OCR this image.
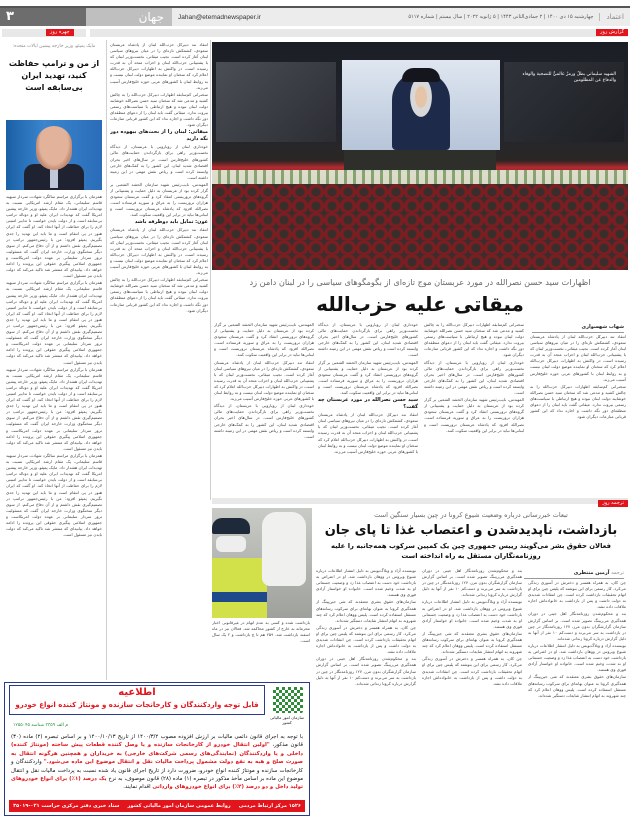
۳	جهان	Jahan@etemadnewspaper.ir	چهارشنبه ۱۵ دی ۱۴۰۰ | ۲ جمادی‌الثانی ۱۴۴۳ | ۵ ژانویه ۲۰۲۲ | سال بیستم | شماره ۵۱۱۷	اعتماد
گزارش روز
چهره روز
مایک پمپئو، وزیر خارجه پیشین ایالات متحده:
از من و ترامپ حفاظت کنید، تهدید ایران بی‌سابقه است

همزمان با برگزاری مراسم سالگرد شهادت سردار سپهبد قاسم سلیمانی، یک مقام ارشد امریکایی نسبت به تهدیدات ایران هشدار داد. مایک پمپئو، وزیر خارجه پیشین امریکا گفت که تهدیدات ایران علیه او و دونالد ترامپ بی‌سابقه است و از دولت بایدن خواست تا تدابیر امنیتی لازم را برای حفاظت از آنها اتخاذ کند. او گفت که ایران هنوز در پی انتقام است و ما باید این تهدید را جدی بگیریم. پمپئو افزود: من با رئیس‌جمهور ترامپ در تصمیم‌گیری نقش داشتم و از آن دفاع می‌کنم. از سوی دیگر سخنگوی وزارت خارجه ایران گفت که مسئولیت ترور سردار سلیمانی بر عهده دولت امریکاست و جمهوری اسلامی پیگیری حقوقی این پرونده را ادامه خواهد داد. بیانیه‌ای که منتشر شد تاکید می‌کند که دولت بایدن نیز مسئول است.

همزمان با برگزاری مراسم سالگرد شهادت سردار سپهبد قاسم سلیمانی، یک مقام ارشد امریکایی نسبت به تهدیدات ایران هشدار داد. مایک پمپئو، وزیر خارجه پیشین امریکا گفت که تهدیدات ایران علیه او و دونالد ترامپ بی‌سابقه است و از دولت بایدن خواست تا تدابیر امنیتی لازم را برای حفاظت از آنها اتخاذ کند. او گفت که ایران هنوز در پی انتقام است و ما باید این تهدید را جدی بگیریم. پمپئو افزود: من با رئیس‌جمهور ترامپ در تصمیم‌گیری نقش داشتم و از آن دفاع می‌کنم. از سوی دیگر سخنگوی وزارت خارجه ایران گفت که مسئولیت ترور سردار سلیمانی بر عهده دولت امریکاست و جمهوری اسلامی پیگیری حقوقی این پرونده را ادامه خواهد داد. بیانیه‌ای که منتشر شد تاکید می‌کند که دولت بایدن نیز مسئول است.

همزمان با برگزاری مراسم سالگرد شهادت سردار سپهبد قاسم سلیمانی، یک مقام ارشد امریکایی نسبت به تهدیدات ایران هشدار داد. مایک پمپئو، وزیر خارجه پیشین امریکا گفت که تهدیدات ایران علیه او و دونالد ترامپ بی‌سابقه است و از دولت بایدن خواست تا تدابیر امنیتی لازم را برای حفاظت از آنها اتخاذ کند. او گفت که ایران هنوز در پی انتقام است و ما باید این تهدید را جدی بگیریم. پمپئو افزود: من با رئیس‌جمهور ترامپ در تصمیم‌گیری نقش داشتم و از آن دفاع می‌کنم. از سوی دیگر سخنگوی وزارت خارجه ایران گفت که مسئولیت ترور سردار سلیمانی بر عهده دولت امریکاست و جمهوری اسلامی پیگیری حقوقی این پرونده را ادامه خواهد داد. بیانیه‌ای که منتشر شد تاکید می‌کند که دولت بایدن نیز مسئول است.

همزمان با برگزاری مراسم سالگرد شهادت سردار سپهبد قاسم سلیمانی، یک مقام ارشد امریکایی نسبت به تهدیدات ایران هشدار داد. مایک پمپئو، وزیر خارجه پیشین امریکا گفت که تهدیدات ایران علیه او و دونالد ترامپ بی‌سابقه است و از دولت بایدن خواست تا تدابیر امنیتی لازم را برای حفاظت از آنها اتخاذ کند. او گفت که ایران هنوز در پی انتقام است و ما باید این تهدید را جدی بگیریم. پمپئو افزود: من با رئیس‌جمهور ترامپ در تصمیم‌گیری نقش داشتم و از آن دفاع می‌کنم. از سوی دیگر سخنگوی وزارت خارجه ایران گفت که مسئولیت ترور سردار سلیمانی بر عهده دولت امریکاست و جمهوری اسلامی پیگیری حقوقی این پرونده را ادامه خواهد داد. بیانیه‌ای که منتشر شد تاکید می‌کند که دولت بایدن نیز مسئول است.

انتقاد تند دبیرکل حزب‌الله لبنان از پادشاه عربستان سعودی، کشمکش تازه‌ای را در میان نیروهای سیاسی لبنان آغاز کرده است. نجیب میقاتی، نخست‌وزیر لبنان که با پشتیبانی حزب‌الله لبنان و احزاب متحد آن به قدرت رسیده است، در واکنش به اظهارات دبیرکل حزب‌الله اعلام کرد که سخنان او نماینده موضع دولت لبنان نیست و به روابط لبنان با کشورهای عربی حوزه خلیج‌فارس آسیب می‌زند.

سخنرانی کم‌سابقه اظهارات دبیرکل حزب‌الله را به چالش کشید و مدعی شد که سخنان سید حسن نصرالله خوشایند دولت لبنان نبوده و هیچ ارتباطی با سیاست‌های رسمی بیروت ندارد. میقاتی گفت باید لبنان را از دعوای منطقه‌ای دور نگه داشت و اجازه نداد که این کشور قربانی منازعات دیگران شود.

میقاتی: لبنان را از بحث‌های بیهوده دور نگه دارید

خودداری لبنان از رویارویی با عربستان، از دیدگاه نخست‌وزیر راهی برای بازگرداندن حمایت‌های مالی کشورهای خلیج‌فارس است. در سال‌های اخیر بحران اقتصادی شدید لبنان، این کشور را به کمک‌های خارجی وابسته کرده است و ریاض نقش مهمی در این زمینه داشته است.

المهندس، نایب‌رئیس شهید سازمان الحشد الشعبی بر گزار کرده بود از عربستان به دلیل حمایت و پشتیبانی از گروه‌های تروریستی انتقاد کرد و گفت عربستان سعودی هزاران تروریست را به عراق و سوریه فرستاده است. نصرالله افزود که پادشاه عربستان تروریست است و لبنانی‌ها نباید در برابر این واقعیت سکوت کنند.

عون: تمایل باید دوطرفه باشد

انتقاد تند دبیرکل حزب‌الله لبنان از پادشاه عربستان سعودی، کشمکش تازه‌ای را در میان نیروهای سیاسی لبنان آغاز کرده است. نجیب میقاتی، نخست‌وزیر لبنان که با پشتیبانی حزب‌الله لبنان و احزاب متحد آن به قدرت رسیده است، در واکنش به اظهارات دبیرکل حزب‌الله اعلام کرد که سخنان او نماینده موضع دولت لبنان نیست و به روابط لبنان با کشورهای عربی حوزه خلیج‌فارس آسیب می‌زند.

سخنرانی کم‌سابقه اظهارات دبیرکل حزب‌الله را به چالش کشید و مدعی شد که سخنان سید حسن نصرالله خوشایند دولت لبنان نبوده و هیچ ارتباطی با سیاست‌های رسمی بیروت ندارد. میقاتی گفت باید لبنان را از دعوای منطقه‌ای دور نگه داشت و اجازه نداد که این کشور قربانی منازعات دیگران شود.

الشهيد سليماني بطلٌ ورمزٌ عالميٌّ للتضحية والوفاء والدفاع عن المظلومين
اظهارات سید حسن نصرالله در مورد عربستان موج تازه‌ای از بگومگوهای سیاسی را در لبنان دامن زد
میقاتی علیه حزب‌الله
شهاب شهسواری

انتقاد تند دبیرکل حزب‌الله لبنان از پادشاه عربستان سعودی، کشمکش تازه‌ای را در میان نیروهای سیاسی لبنان آغاز کرده است. نجیب میقاتی، نخست‌وزیر لبنان که با پشتیبانی حزب‌الله لبنان و احزاب متحد آن به قدرت رسیده است، در واکنش به اظهارات دبیرکل حزب‌الله اعلام کرد که سخنان او نماینده موضع دولت لبنان نیست و به روابط لبنان با کشورهای عربی حوزه خلیج‌فارس آسیب می‌زند.

سخنرانی کم‌سابقه اظهارات دبیرکل حزب‌الله را به چالش کشید و مدعی شد که سخنان سید حسن نصرالله خوشایند دولت لبنان نبوده و هیچ ارتباطی با سیاست‌های رسمی بیروت ندارد. میقاتی گفت باید لبنان را از دعوای منطقه‌ای دور نگه داشت و اجازه نداد که این کشور قربانی منازعات دیگران شود.

سخنرانی کم‌سابقه اظهارات دبیرکل حزب‌الله را به چالش کشید و مدعی شد که سخنان سید حسن نصرالله خوشایند دولت لبنان نبوده و هیچ ارتباطی با سیاست‌های رسمی بیروت ندارد. میقاتی گفت باید لبنان را از دعوای منطقه‌ای دور نگه داشت و اجازه نداد که این کشور قربانی منازعات دیگران شود.

خودداری لبنان از رویارویی با عربستان، از دیدگاه نخست‌وزیر راهی برای بازگرداندن حمایت‌های مالی کشورهای خلیج‌فارس است. در سال‌های اخیر بحران اقتصادی شدید لبنان، این کشور را به کمک‌های خارجی وابسته کرده است و ریاض نقش مهمی در این زمینه داشته است.

المهندس، نایب‌رئیس شهید سازمان الحشد الشعبی بر گزار کرده بود از عربستان به دلیل حمایت و پشتیبانی از گروه‌های تروریستی انتقاد کرد و گفت عربستان سعودی هزاران تروریست را به عراق و سوریه فرستاده است. نصرالله افزود که پادشاه عربستان تروریست است و لبنانی‌ها نباید در برابر این واقعیت سکوت کنند.

خودداری لبنان از رویارویی با عربستان، از دیدگاه نخست‌وزیر راهی برای بازگرداندن حمایت‌های مالی کشورهای خلیج‌فارس است. در سال‌های اخیر بحران اقتصادی شدید لبنان، این کشور را به کمک‌های خارجی وابسته کرده است و ریاض نقش مهمی در این زمینه داشته است.

المهندس، نایب‌رئیس شهید سازمان الحشد الشعبی بر گزار کرده بود از عربستان به دلیل حمایت و پشتیبانی از گروه‌های تروریستی انتقاد کرد و گفت عربستان سعودی هزاران تروریست را به عراق و سوریه فرستاده است. نصرالله افزود که پادشاه عربستان تروریست است و لبنانی‌ها نباید در برابر این واقعیت سکوت کنند.

سید حسن نصرالله در مورد عربستان چه گفت؟

انتقاد تند دبیرکل حزب‌الله لبنان از پادشاه عربستان سعودی، کشمکش تازه‌ای را در میان نیروهای سیاسی لبنان آغاز کرده است. نجیب میقاتی، نخست‌وزیر لبنان که با پشتیبانی حزب‌الله لبنان و احزاب متحد آن به قدرت رسیده است، در واکنش به اظهارات دبیرکل حزب‌الله اعلام کرد که سخنان او نماینده موضع دولت لبنان نیست و به روابط لبنان با کشورهای عربی حوزه خلیج‌فارس آسیب می‌زند.

المهندس، نایب‌رئیس شهید سازمان الحشد الشعبی بر گزار کرده بود از عربستان به دلیل حمایت و پشتیبانی از گروه‌های تروریستی انتقاد کرد و گفت عربستان سعودی هزاران تروریست را به عراق و سوریه فرستاده است. نصرالله افزود که پادشاه عربستان تروریست است و لبنانی‌ها نباید در برابر این واقعیت سکوت کنند.

انتقاد تند دبیرکل حزب‌الله لبنان از پادشاه عربستان سعودی، کشمکش تازه‌ای را در میان نیروهای سیاسی لبنان آغاز کرده است. نجیب میقاتی، نخست‌وزیر لبنان که با پشتیبانی حزب‌الله لبنان و احزاب متحد آن به قدرت رسیده است، در واکنش به اظهارات دبیرکل حزب‌الله اعلام کرد که سخنان او نماینده موضع دولت لبنان نیست و به روابط لبنان با کشورهای عربی حوزه خلیج‌فارس آسیب می‌زند.

خودداری لبنان از رویارویی با عربستان، از دیدگاه نخست‌وزیر راهی برای بازگرداندن حمایت‌های مالی کشورهای خلیج‌فارس است. در سال‌های اخیر بحران اقتصادی شدید لبنان، این کشور را به کمک‌های خارجی وابسته کرده است و ریاض نقش مهمی در این زمینه داشته است.

ترجمه روز

بازداشت شده و کسی به عدم اتهام در غیرقانونی اخبار محرمانه به خارج از کشور محاکمه شد. فعالان نیز در ماه اسفند بازداشت شد. ۲۵۹ هم تا چ بازداشت و ۲ یک سال است.

تبعات خبررسانی درباره وضعیت شیوع کرونا در چین بسیار سنگین است
بازداشت، ناپدیدشدن و اعتصاب غذا تا پای جان
فعالان حقوق بشر می‌گویند رییس جمهوری چین یک کمپین سرکوب همه‌جانبه را علیه روزنامه‌نگاران مستقل به راه انداخته است
ترجمه آرمین منتظری

چن کان، به همراه همسر و دخترش در آسوری زندگی می‌کرد. کار رسمی برای این بنوشته که پلیس چین برای او اتهام تحقیقات بازداشت کرده است. چن انتقادات شدیدی به دولت داشت و پس از بازداشت به خانواده‌اش اجازه ملاقات داده نشد.

بند و محکوم‌شدن روزنامه‌نگار اهل جینی در دوران همه‌گیری می‌ریبنگ تصویر شده است. بر اساس گزارش سازمان گزارشگران بدون مرز، ۱۲۷ روزنامه‌نگار در چین در بازداشت به سر می‌برند و دست‌کم ۱۰ نفر از آنها به دلیل گزارش درباره کرونا زندانی شده‌اند.

نویسنده آزاد و وبلاگ‌نویس به دلیل انتشار اطلاعات درباره شیوع ویروس در ووهان بازداشت شد. او در اعتراض به بازداشت خود دست به اعتصاب غذا زد و وضعیت جسمانی او به شدت وخیم شده است. خانواده او خواستار آزادی فوری وی هستند.

سازمان‌های حقوق بشری معتقدند که شی جین‌پینگ از همه‌گیری کرونا به عنوان بهانه‌ای برای سرکوب رسانه‌های مستقل استفاده کرده است. پلیس ووهان اعلام کرد که چند شهروند به اتهام انتشار شایعات دستگیر شده‌اند.

بند و محکوم‌شدن روزنامه‌نگار اهل جینی در دوران همه‌گیری می‌ریبنگ تصویر شده است. بر اساس گزارش سازمان گزارشگران بدون مرز، ۱۲۷ روزنامه‌نگار در چین در بازداشت به سر می‌برند و دست‌کم ۱۰ نفر از آنها به دلیل گزارش درباره کرونا زندانی شده‌اند.

نویسنده آزاد و وبلاگ‌نویس به دلیل انتشار اطلاعات درباره شیوع ویروس در ووهان بازداشت شد. او در اعتراض به بازداشت خود دست به اعتصاب غذا زد و وضعیت جسمانی او به شدت وخیم شده است. خانواده او خواستار آزادی فوری وی هستند.

سازمان‌های حقوق بشری معتقدند که شی جین‌پینگ از همه‌گیری کرونا به عنوان بهانه‌ای برای سرکوب رسانه‌های مستقل استفاده کرده است. پلیس ووهان اعلام کرد که چند شهروند به اتهام انتشار شایعات دستگیر شده‌اند.

چن کان، به همراه همسر و دخترش در آسوری زندگی می‌کرد. کار رسمی برای این بنوشته که پلیس چین برای او اتهام تحقیقات بازداشت کرده است. چن انتقادات شدیدی به دولت داشت و پس از بازداشت به خانواده‌اش اجازه ملاقات داده نشد.

نویسنده آزاد و وبلاگ‌نویس به دلیل انتشار اطلاعات درباره شیوع ویروس در ووهان بازداشت شد. او در اعتراض به بازداشت خود دست به اعتصاب غذا زد و وضعیت جسمانی او به شدت وخیم شده است. خانواده او خواستار آزادی فوری وی هستند.

سازمان‌های حقوق بشری معتقدند که شی جین‌پینگ از همه‌گیری کرونا به عنوان بهانه‌ای برای سرکوب رسانه‌های مستقل استفاده کرده است. پلیس ووهان اعلام کرد که چند شهروند به اتهام انتشار شایعات دستگیر شده‌اند.

چن کان، به همراه همسر و دخترش در آسوری زندگی می‌کرد. کار رسمی برای این بنوشته که پلیس چین برای او اتهام تحقیقات بازداشت کرده است. چن انتقادات شدیدی به دولت داشت و پس از بازداشت به خانواده‌اش اجازه ملاقات داده نشد.

بند و محکوم‌شدن روزنامه‌نگار اهل جینی در دوران همه‌گیری می‌ریبنگ تصویر شده است. بر اساس گزارش سازمان گزارشگران بدون مرز، ۱۲۷ روزنامه‌نگار در چین در بازداشت به سر می‌برند و دست‌کم ۱۰ نفر از آنها به دلیل گزارش درباره کرونا زندانی شده‌اند.

اطلاعیه
قابل توجه واردکنندگان و کارخانجات سازنده و مونتاژ کننده انواع خودرو
سازمان امور مالیاتی کشور
م الف ۳۳۵۹ شناسه ۱۲۵۵۰۴۵
با توجه به اجرای قانون دائمی مالیات بر ارزش افزوده مصوب ۱۴۰۰/۳/۲ از تاریخ ۱۴۰۰/۱۰/۱۳ و بر اساس تبصره (۲) ماده (۳۰) قانون مذکور، "اولین انتقال خودرو از کارخانجات سازنده و یا وصل کننده قطعات پیش ساخته (مونتاژ کننده) داخلی و یا واردکنندگان (نمایندگی‌های رسمی شرکت‌های خارجی) به خریداران و همچنین هرگونه انتقال به صورت صلح و هبه به نفع دولت مشمول پرداخت مالیات نقل و انتقال موضوع این ماده می‌شود." واردکنندگان و کارخانجات سازنده و مونتاژ کننده انواع خودرو، ضرورت دارد از تاریخ اجرای قانون یاد شده نسبت به پرداخت مالیات نقل و انتقال موضوع این ماده بر اساس مأخذ مذکور در تبصره (۱) ماده (۲۸) قانون موصوف، به نرخ یک درصد (۱٪) برای انواع خودروهای تولید داخل و دو درصد (۲٪) برای انواع خودروهای وارداتی اقدام نمایند.
۱۵۲۶ مرکز ارتباط مردمی
روابط عمومی سازمان امور مالیاتی کشور
ستاد خبری دفتر مرکزی حراست ۰۲۱-۳۵۰۱۹
